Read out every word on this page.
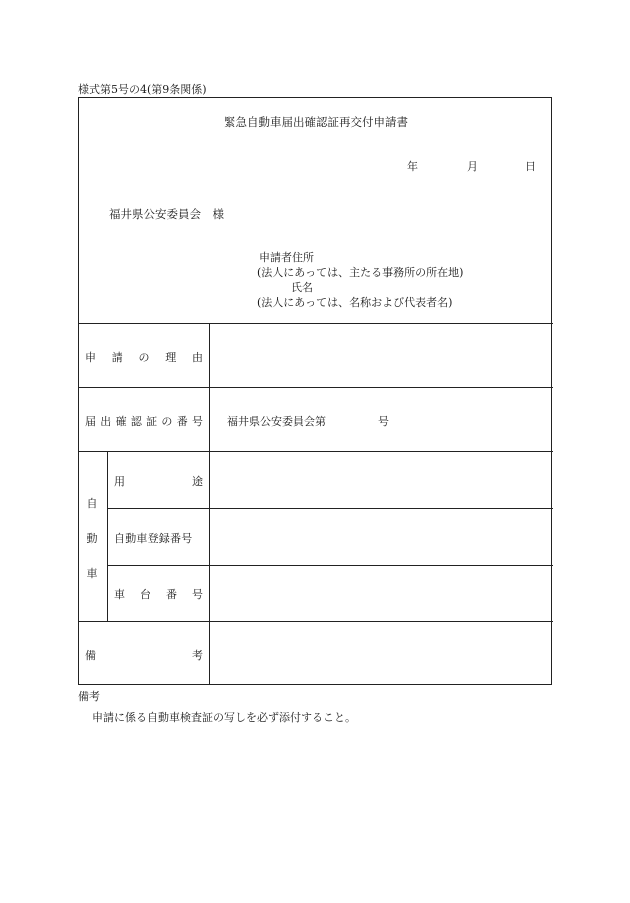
様式第5号の4(第9条関係)
緊急自動車届出確認証再交付申請書
年	月	日
福井県公安委員会　様
申請者住所
(法人にあっては、主たる事務所の所在地)
氏名
(法人にあっては、名称および代表者名)
申 請 の 理 由
届 出 確 認 証 の 番 号 福井県公安委員会第	号
自
動
車
用	途
自動車登録番号
車 台 番 号
備	考
備考
申請に係る自動車検査証の写しを必ず添付すること。
